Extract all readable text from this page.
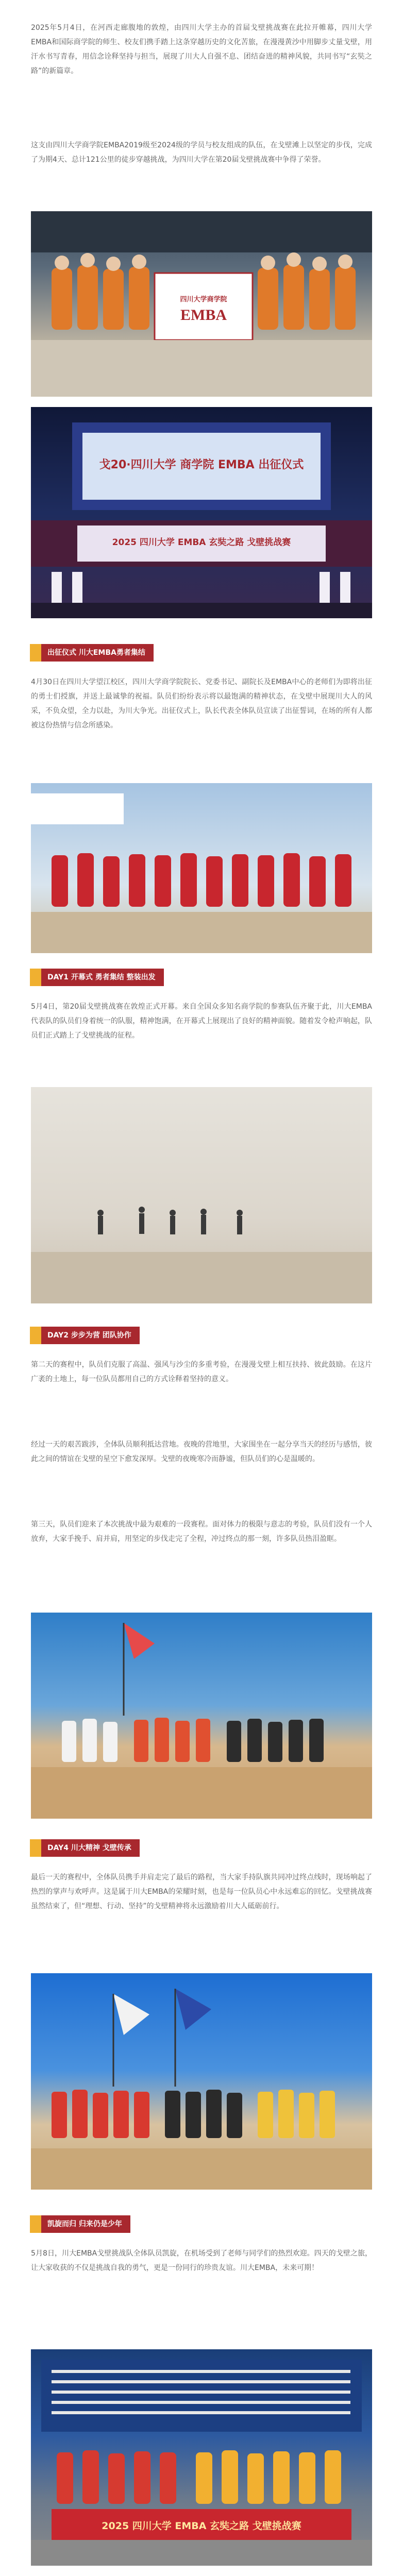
2025年5月4日，在河西走廊腹地的敦煌，由四川大学主办的首届戈壁挑战赛在此拉开帷幕，四川大学EMBA和国际商学院的师生、校友们携手踏上这条穿越历史的文化苦旅，在漫漫黄沙中用脚步丈量戈壁，用汗水书写青春，用信念诠释坚持与担当，展现了川大人自强不息、团结奋进的精神风貌，共同书写“玄奘之路”的新篇章。

这支由四川大学商学院EMBA2019级至2024级的学员与校友组成的队伍，在戈壁滩上以坚定的步伐，完成了为期4天、总计121公里的徒步穿越挑战，为四川大学在第20届戈壁挑战赛中争得了荣誉。

四川大学商学院
EMBA
戈20·四川大学 商学院 EMBA 出征仪式
2025 四川大学 EMBA 玄奘之路 戈壁挑战赛
出征仪式 川大EMBA勇者集结

4月30日在四川大学望江校区，四川大学商学院院长、党委书记、副院长及EMBA中心的老师们为即将出征的勇士们授旗，并送上最诚挚的祝福。队员们纷纷表示将以最饱满的精神状态，在戈壁中展现川大人的风采，不负众望，全力以赴，为川大争光。出征仪式上，队长代表全体队员宣读了出征誓词，在场的所有人都被这份热情与信念所感染。

DAY1 开幕式 勇者集结 整装出发

5月4日，第20届戈壁挑战赛在敦煌正式开幕。来自全国众多知名商学院的参赛队伍齐聚于此，川大EMBA代表队的队员们身着统一的队服，精神饱满，在开幕式上展现出了良好的精神面貌。随着发令枪声响起，队员们正式踏上了戈壁挑战的征程。

DAY2 步步为营 团队协作

第二天的赛程中，队员们克服了高温、强风与沙尘的多重考验，在漫漫戈壁上相互扶持、彼此鼓励。在这片广袤的土地上，每一位队员都用自己的方式诠释着坚持的意义。

经过一天的艰苦跋涉，全体队员顺利抵达营地。夜晚的营地里，大家围坐在一起分享当天的经历与感悟，彼此之间的情谊在戈壁的星空下愈发深厚。戈壁的夜晚寒冷而静谧，但队员们的心是温暖的。

第三天，队员们迎来了本次挑战中最为艰难的一段赛程。面对体力的极限与意志的考验，队员们没有一个人放弃，大家手挽手、肩并肩，用坚定的步伐走完了全程，冲过终点的那一刻，许多队员热泪盈眶。

DAY4 川大精神 戈壁传承

最后一天的赛程中，全体队员携手并肩走完了最后的路程，当大家手持队旗共同冲过终点线时，现场响起了热烈的掌声与欢呼声。这是属于川大EMBA的荣耀时刻，也是每一位队员心中永远难忘的回忆。戈壁挑战赛虽然结束了，但“理想、行动、坚持”的戈壁精神将永远激励着川大人砥砺前行。

凯旋而归 归来仍是少年

5月8日，川大EMBA戈壁挑战队全体队员凯旋，在机场受到了老师与同学们的热烈欢迎。四天的戈壁之旅，让大家收获的不仅是挑战自我的勇气，更是一份同行的珍贵友谊。川大EMBA，未来可期！

2025 四川大学 EMBA 玄奘之路 戈壁挑战赛
